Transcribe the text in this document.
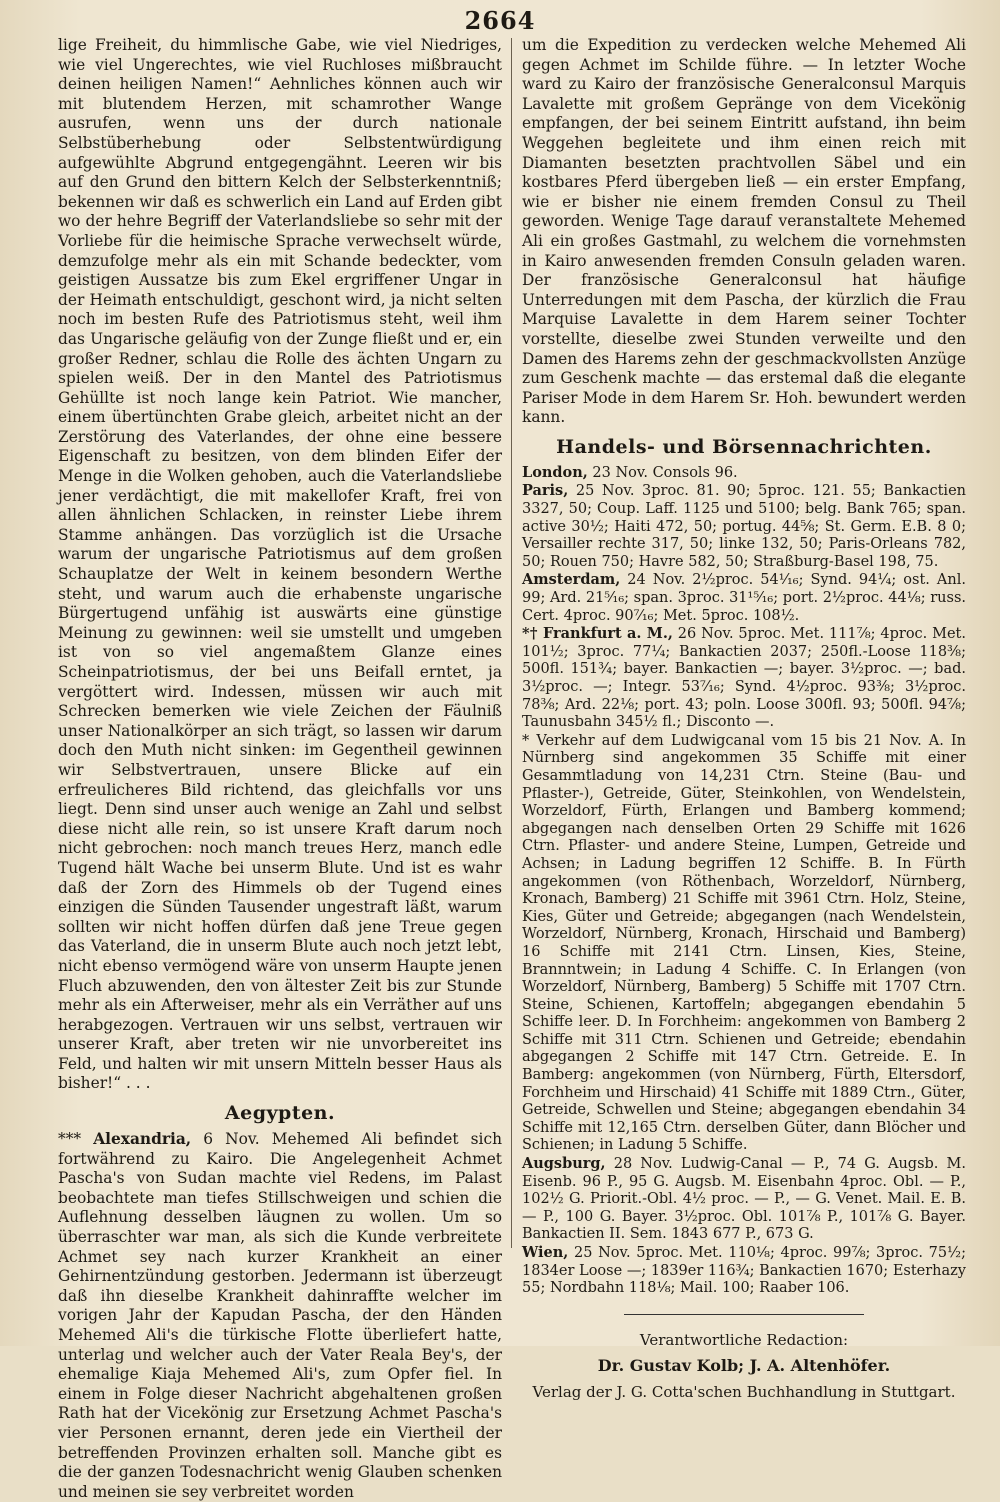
2664

lige Freiheit, du himmlische Gabe, wie viel Niedriges, wie viel Ungerechtes, wie viel Ruchloses mißbraucht deinen heiligen Namen!“ Aehnliches können auch wir mit blutendem Herzen, mit schamrother Wange ausrufen, wenn uns der durch nationale Selbstüberhebung oder Selbstentwürdigung aufgewühlte Abgrund entgegengähnt. Leeren wir bis auf den Grund den bittern Kelch der Selbsterkenntniß; bekennen wir daß es schwerlich ein Land auf Erden gibt wo der hehre Begriff der Vaterlandsliebe so sehr mit der Vorliebe für die heimische Sprache verwechselt würde, demzufolge mehr als ein mit Schande bedeckter, vom geistigen Aussatze bis zum Ekel ergriffener Ungar in der Heimath entschuldigt, geschont wird, ja nicht selten noch im besten Rufe des Patriotismus steht, weil ihm das Ungarische geläufig von der Zunge fließt und er, ein großer Redner, schlau die Rolle des ächten Ungarn zu spielen weiß. Der in den Mantel des Patriotismus Gehüllte ist noch lange kein Patriot. Wie mancher, einem übertünchten Grabe gleich, arbeitet nicht an der Zerstörung des Vaterlandes, der ohne eine bessere Eigenschaft zu besitzen, von dem blinden Eifer der Menge in die Wolken gehoben, auch die Vaterlandsliebe jener verdächtigt, die mit makellofer Kraft, frei von allen ähnlichen Schlacken, in reinster Liebe ihrem Stamme anhängen. Das vorzüglich ist die Ursache warum der ungarische Patriotismus auf dem großen Schauplatze der Welt in keinem besondern Werthe steht, und warum auch die erhabenste ungarische Bürgertugend unfähig ist auswärts eine günstige Meinung zu gewinnen: weil sie umstellt und umgeben ist von so viel angemaßtem Glanze eines Scheinpatriotismus, der bei uns Beifall erntet, ja vergöttert wird. Indessen, müssen wir auch mit Schrecken bemerken wie viele Zeichen der Fäulniß unser Nationalkörper an sich trägt, so lassen wir darum doch den Muth nicht sinken: im Gegentheil gewinnen wir Selbstvertrauen, unsere Blicke auf ein erfreulicheres Bild richtend, das gleichfalls vor uns liegt. Denn sind unser auch wenige an Zahl und selbst diese nicht alle rein, so ist unsere Kraft darum noch nicht gebrochen: noch manch treues Herz, manch edle Tugend hält Wache bei unserm Blute. Und ist es wahr daß der Zorn des Himmels ob der Tugend eines einzigen die Sünden Tausender ungestraft läßt, warum sollten wir nicht hoffen dürfen daß jene Treue gegen das Vaterland, die in unserm Blute auch noch jetzt lebt, nicht ebenso vermögend wäre von unserm Haupte jenen Fluch abzuwenden, den von ältester Zeit bis zur Stunde mehr als ein Afterweiser, mehr als ein Verräther auf uns herabgezogen. Vertrauen wir uns selbst, vertrauen wir unserer Kraft, aber treten wir nie unvorbereitet ins Feld, und halten wir mit unsern Mitteln besser Haus als bisher!“ . . .

Aegypten.

*** Alexandria, 6 Nov. Mehemed Ali befindet sich fortwährend zu Kairo. Die Angelegenheit Achmet Pascha's von Sudan machte viel Redens, im Palast beobachtete man tiefes Stillschweigen und schien die Auflehnung desselben läugnen zu wollen. Um so überraschter war man, als sich die Kunde verbreitete Achmet sey nach kurzer Krankheit an einer Gehirnentzündung gestorben. Jedermann ist überzeugt daß ihn dieselbe Krankheit dahinraffte welcher im vorigen Jahr der Kapudan Pascha, der den Händen Mehemed Ali's die türkische Flotte überliefert hatte, unterlag und welcher auch der Vater Reala Bey's, der ehemalige Kiaja Mehemed Ali's, zum Opfer fiel. In einem in Folge dieser Nachricht abgehaltenen großen Rath hat der Vicekönig zur Ersetzung Achmet Pascha's vier Personen ernannt, deren jede ein Viertheil der betreffenden Provinzen erhalten soll. Manche gibt es die der ganzen Todesnachricht wenig Glauben schenken und meinen sie sey verbreitet worden

um die Expedition zu verdecken welche Mehemed Ali gegen Achmet im Schilde führe. — In letzter Woche ward zu Kairo der französische Generalconsul Marquis Lavalette mit großem Gepränge von dem Vicekönig empfangen, der bei seinem Eintritt aufstand, ihn beim Weggehen begleitete und ihm einen reich mit Diamanten besetzten prachtvollen Säbel und ein kostbares Pferd übergeben ließ — ein erster Empfang, wie er bisher nie einem fremden Consul zu Theil geworden. Wenige Tage darauf veranstaltete Mehemed Ali ein großes Gastmahl, zu welchem die vornehmsten in Kairo anwesenden fremden Consuln geladen waren. Der französische Generalconsul hat häufige Unterredungen mit dem Pascha, der kürzlich die Frau Marquise Lavalette in dem Harem seiner Tochter vorstellte, dieselbe zwei Stunden verweilte und den Damen des Harems zehn der geschmackvollsten Anzüge zum Geschenk machte — das erstemal daß die elegante Pariser Mode in dem Harem Sr. Hoh. bewundert werden kann.

Handels- und Börsennachrichten.

London, 23 Nov. Consols 96.

Paris, 25 Nov. 3proc. 81. 90; 5proc. 121. 55; Bankactien 3327, 50; Coup. Laff. 1125 und 5100; belg. Bank 765; span. active 30½; Haiti 472, 50; portug. 44⅝; St. Germ. E.B. 8 0; Versailler rechte 317, 50; linke 132, 50; Paris-Orleans 782, 50; Rouen 750; Havre 582, 50; Straßburg-Basel 198, 75.

Amsterdam, 24 Nov. 2½proc. 54¹⁄₁₆; Synd. 94¼; ost. Anl. 99; Ard. 21⁵⁄₁₆; span. 3proc. 31¹⁵⁄₁₆; port. 2½proc. 44¹⁄₈; russ. Cert. 4proc. 90⁷⁄₁₆; Met. 5proc. 108½.

*† Frankfurt a. M., 26 Nov. 5proc. Met. 111⅞; 4proc. Met. 101½; 3proc. 77¼; Bankactien 2037; 250fl.-Loose 118⅜; 500fl. 151¾; bayer. Bankactien —; bayer. 3½proc. —; bad. 3½proc. —; Integr. 53⁷⁄₁₆; Synd. 4½proc. 93⅜; 3½proc. 78⅜; Ard. 22⅛; port. 43; poln. Loose 300fl. 93; 500fl. 94⅞; Taunusbahn 345½ fl.; Disconto —.

* Verkehr auf dem Ludwigcanal vom 15 bis 21 Nov. A. In Nürnberg sind angekommen 35 Schiffe mit einer Gesammtladung von 14,231 Ctrn. Steine (Bau- und Pflaster-), Getreide, Güter, Steinkohlen, von Wendelstein, Worzeldorf, Fürth, Erlangen und Bamberg kommend; abgegangen nach denselben Orten 29 Schiffe mit 1626 Ctrn. Pflaster- und andere Steine, Lumpen, Getreide und Achsen; in Ladung begriffen 12 Schiffe. B. In Fürth angekommen (von Röthenbach, Worzeldorf, Nürnberg, Kronach, Bamberg) 21 Schiffe mit 3961 Ctrn. Holz, Steine, Kies, Güter und Getreide; abgegangen (nach Wendelstein, Worzeldorf, Nürnberg, Kronach, Hirschaid und Bamberg) 16 Schiffe mit 2141 Ctrn. Linsen, Kies, Steine, Brannntwein; in Ladung 4 Schiffe. C. In Erlangen (von Worzeldorf, Nürnberg, Bamberg) 5 Schiffe mit 1707 Ctrn. Steine, Schienen, Kartoffeln; abgegangen ebendahin 5 Schiffe leer. D. In Forchheim: angekommen von Bamberg 2 Schiffe mit 311 Ctrn. Schienen und Getreide; ebendahin abgegangen 2 Schiffe mit 147 Ctrn. Getreide. E. In Bamberg: angekommen (von Nürnberg, Fürth, Eltersdorf, Forchheim und Hirschaid) 41 Schiffe mit 1889 Ctrn., Güter, Getreide, Schwellen und Steine; abgegangen ebendahin 34 Schiffe mit 12,165 Ctrn. derselben Güter, dann Blöcher und Schienen; in Ladung 5 Schiffe.

Augsburg, 28 Nov. Ludwig-Canal — P., 74 G. Augsb. M. Eisenb. 96 P., 95 G. Augsb. M. Eisenbahn 4proc. Obl. — P., 102½ G. Priorit.-Obl. 4½ proc. — P., — G. Venet. Mail. E. B. — P., 100 G. Bayer. 3½proc. Obl. 101⅞ P., 101⅞ G. Bayer. Bankactien II. Sem. 1843 677 P., 673 G.

Wien, 25 Nov. 5proc. Met. 110¹⁄₈; 4proc. 99⅞; 3proc. 75½; 1834er Loose —; 1839er 116¾; Bankactien 1670; Esterhazy 55; Nordbahn 118¹⁄₈; Mail. 100; Raaber 106.

Verantwortliche Redaction:
Dr. Gustav Kolb; J. A. Altenhöfer.
Verlag der J. G. Cotta'schen Buchhandlung in Stuttgart.
